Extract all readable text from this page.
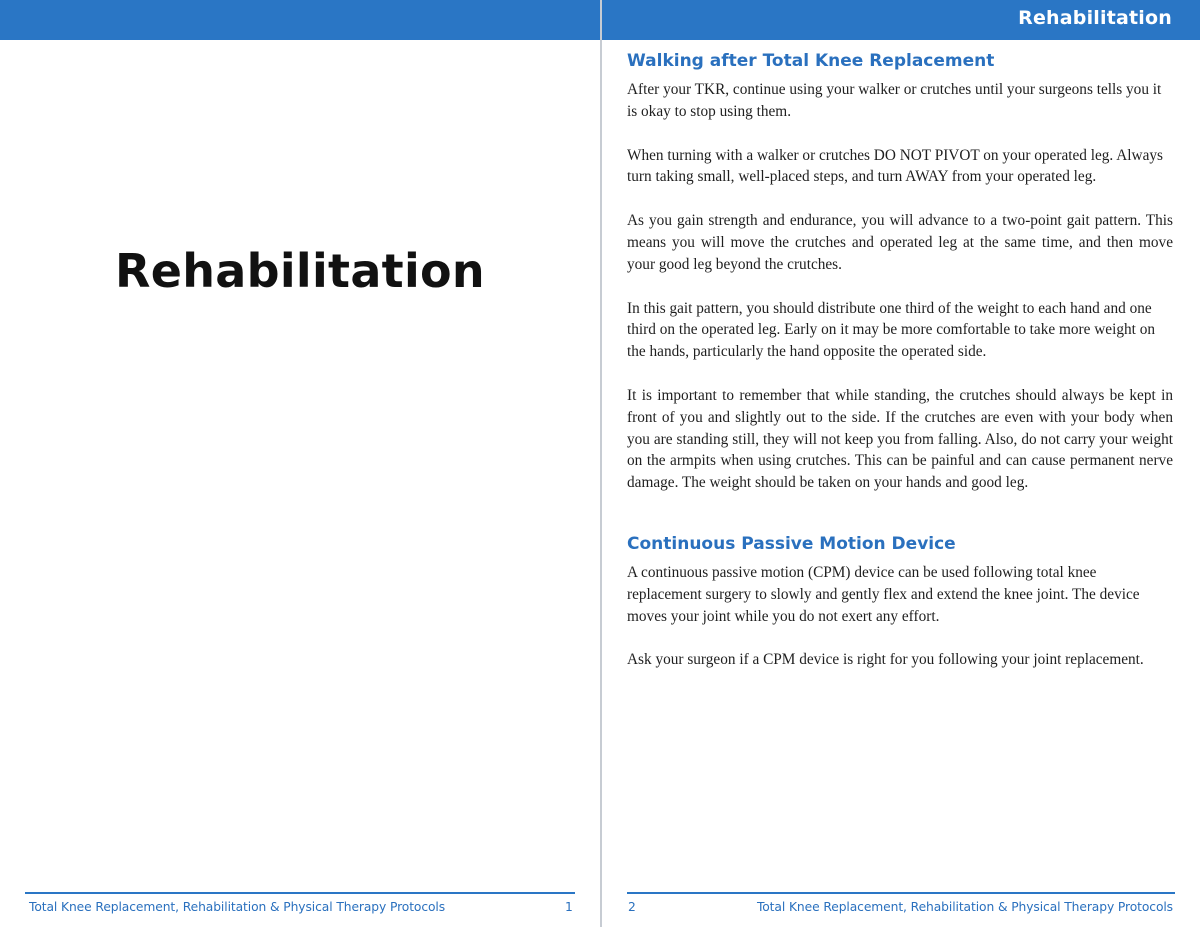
Rehabilitation
Total Knee Replacement, Rehabilitation & Physical Therapy Protocols	1
Rehabilitation
Walking after Total Knee Replacement

After your TKR, continue using your walker or crutches until your surgeons tells you it is okay to stop using them.

When turning with a walker or crutches DO NOT PIVOT on your operated leg. Always turn taking small, well-placed steps, and turn AWAY from your operated leg.

As you gain strength and endurance, you will advance to a two-point gait pattern. This means you will move the crutches and operated leg at the same time, and then move your good leg beyond the crutches.

In this gait pattern, you should distribute one third of the weight to each hand and one third on the operated leg. Early on it may be more comfortable to take more weight on the hands, particularly the hand opposite the operated side.

It is important to remember that while standing, the crutches should always be kept in front of you and slightly out to the side. If the crutches are even with your body when you are standing still, they will not keep you from falling. Also, do not carry your weight on the armpits when using crutches. This can be painful and can cause permanent nerve damage. The weight should be taken on your hands and good leg.

Continuous Passive Motion Device

A continuous passive motion (CPM) device can be used following total knee replacement surgery to slowly and gently flex and extend the knee joint. The device moves your joint while you do not exert any effort.

Ask your surgeon if a CPM device is right for you following your joint replacement.

2	Total Knee Replacement, Rehabilitation & Physical Therapy Protocols
